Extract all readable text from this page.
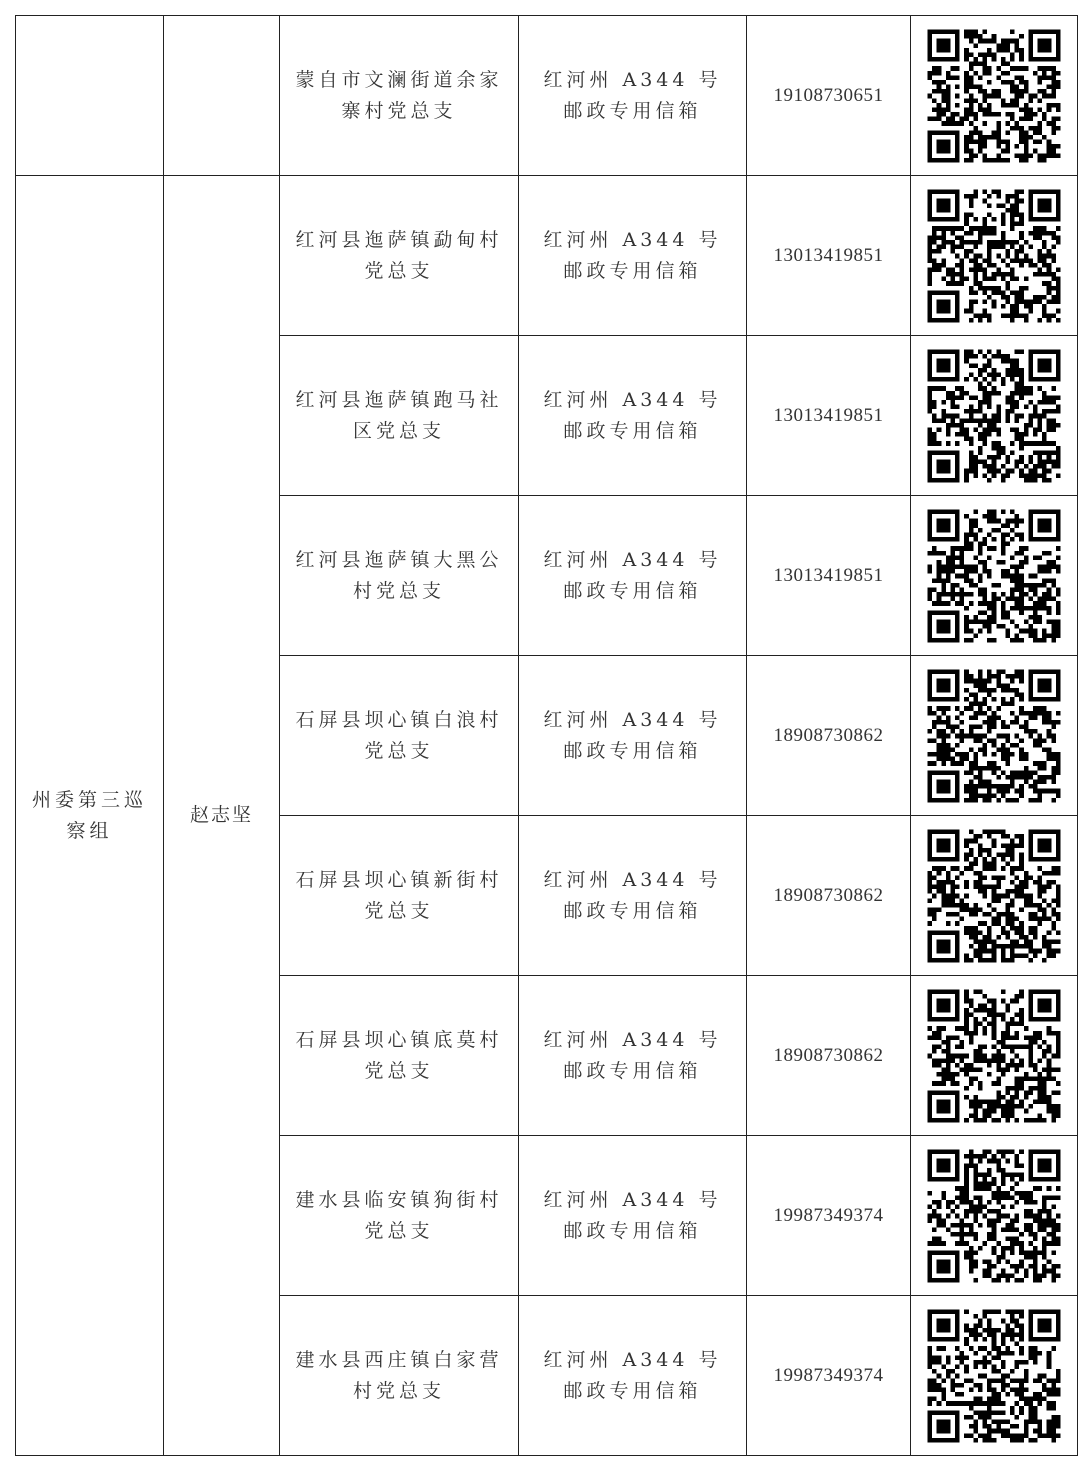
		蒙自市文澜街道余家寨村党总支	红河州 A344 号邮政专用信箱	19108730651	

州委第三巡察组	赵志坚	红河县迤萨镇勐甸村党总支	红河州 A344 号邮政专用信箱	13013419851	

		红河县迤萨镇跑马社区党总支	红河州 A344 号邮政专用信箱	13013419851	

		红河县迤萨镇大黑公村党总支	红河州 A344 号邮政专用信箱	13013419851	

		石屏县坝心镇白浪村党总支	红河州 A344 号邮政专用信箱	18908730862	

		石屏县坝心镇新街村党总支	红河州 A344 号邮政专用信箱	18908730862	

		石屏县坝心镇底莫村党总支	红河州 A344 号邮政专用信箱	18908730862	

		建水县临安镇狗街村党总支	红河州 A344 号邮政专用信箱	19987349374	

		建水县西庄镇白家营村党总支	红河州 A344 号邮政专用信箱	19987349374	
